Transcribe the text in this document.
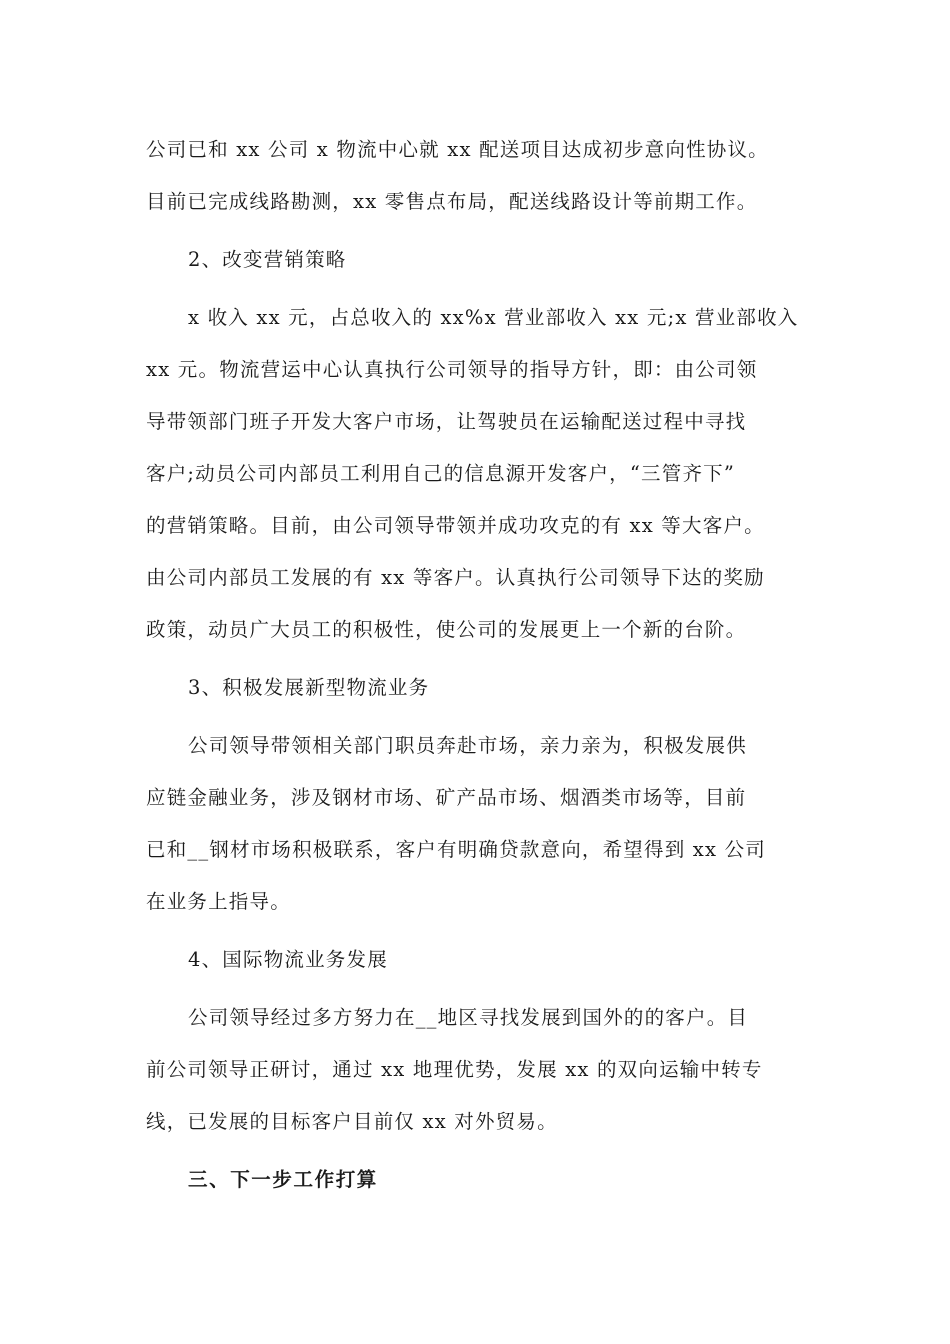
公司已和 xx 公司 x 物流中心就 xx 配送项目达成初步意向性协议。
目前已完成线路勘测，xx 零售点布局，配送线路设计等前期工作。
2、改变营销策略
x 收入 xx 元，占总收入的 xx%x 营业部收入 xx 元;x 营业部收入
xx 元。物流营运中心认真执行公司领导的指导方针，即：由公司领
导带领部门班子开发大客户市场，让驾驶员在运输配送过程中寻找
客户;动员公司内部员工利用自己的信息源开发客户，“三管齐下”
的营销策略。目前，由公司领导带领并成功攻克的有 xx 等大客户。
由公司内部员工发展的有 xx 等客户。认真执行公司领导下达的奖励
政策，动员广大员工的积极性，使公司的发展更上一个新的台阶。
3、积极发展新型物流业务
公司领导带领相关部门职员奔赴市场，亲力亲为，积极发展供
应链金融业务，涉及钢材市场、矿产品市场、烟酒类市场等，目前
已和__钢材市场积极联系，客户有明确贷款意向，希望得到 xx 公司
在业务上指导。
4、国际物流业务发展
公司领导经过多方努力在__地区寻找发展到国外的的客户。目
前公司领导正研讨，通过 xx 地理优势，发展 xx 的双向运输中转专
线，已发展的目标客户目前仅 xx 对外贸易。
三、下一步工作打算
